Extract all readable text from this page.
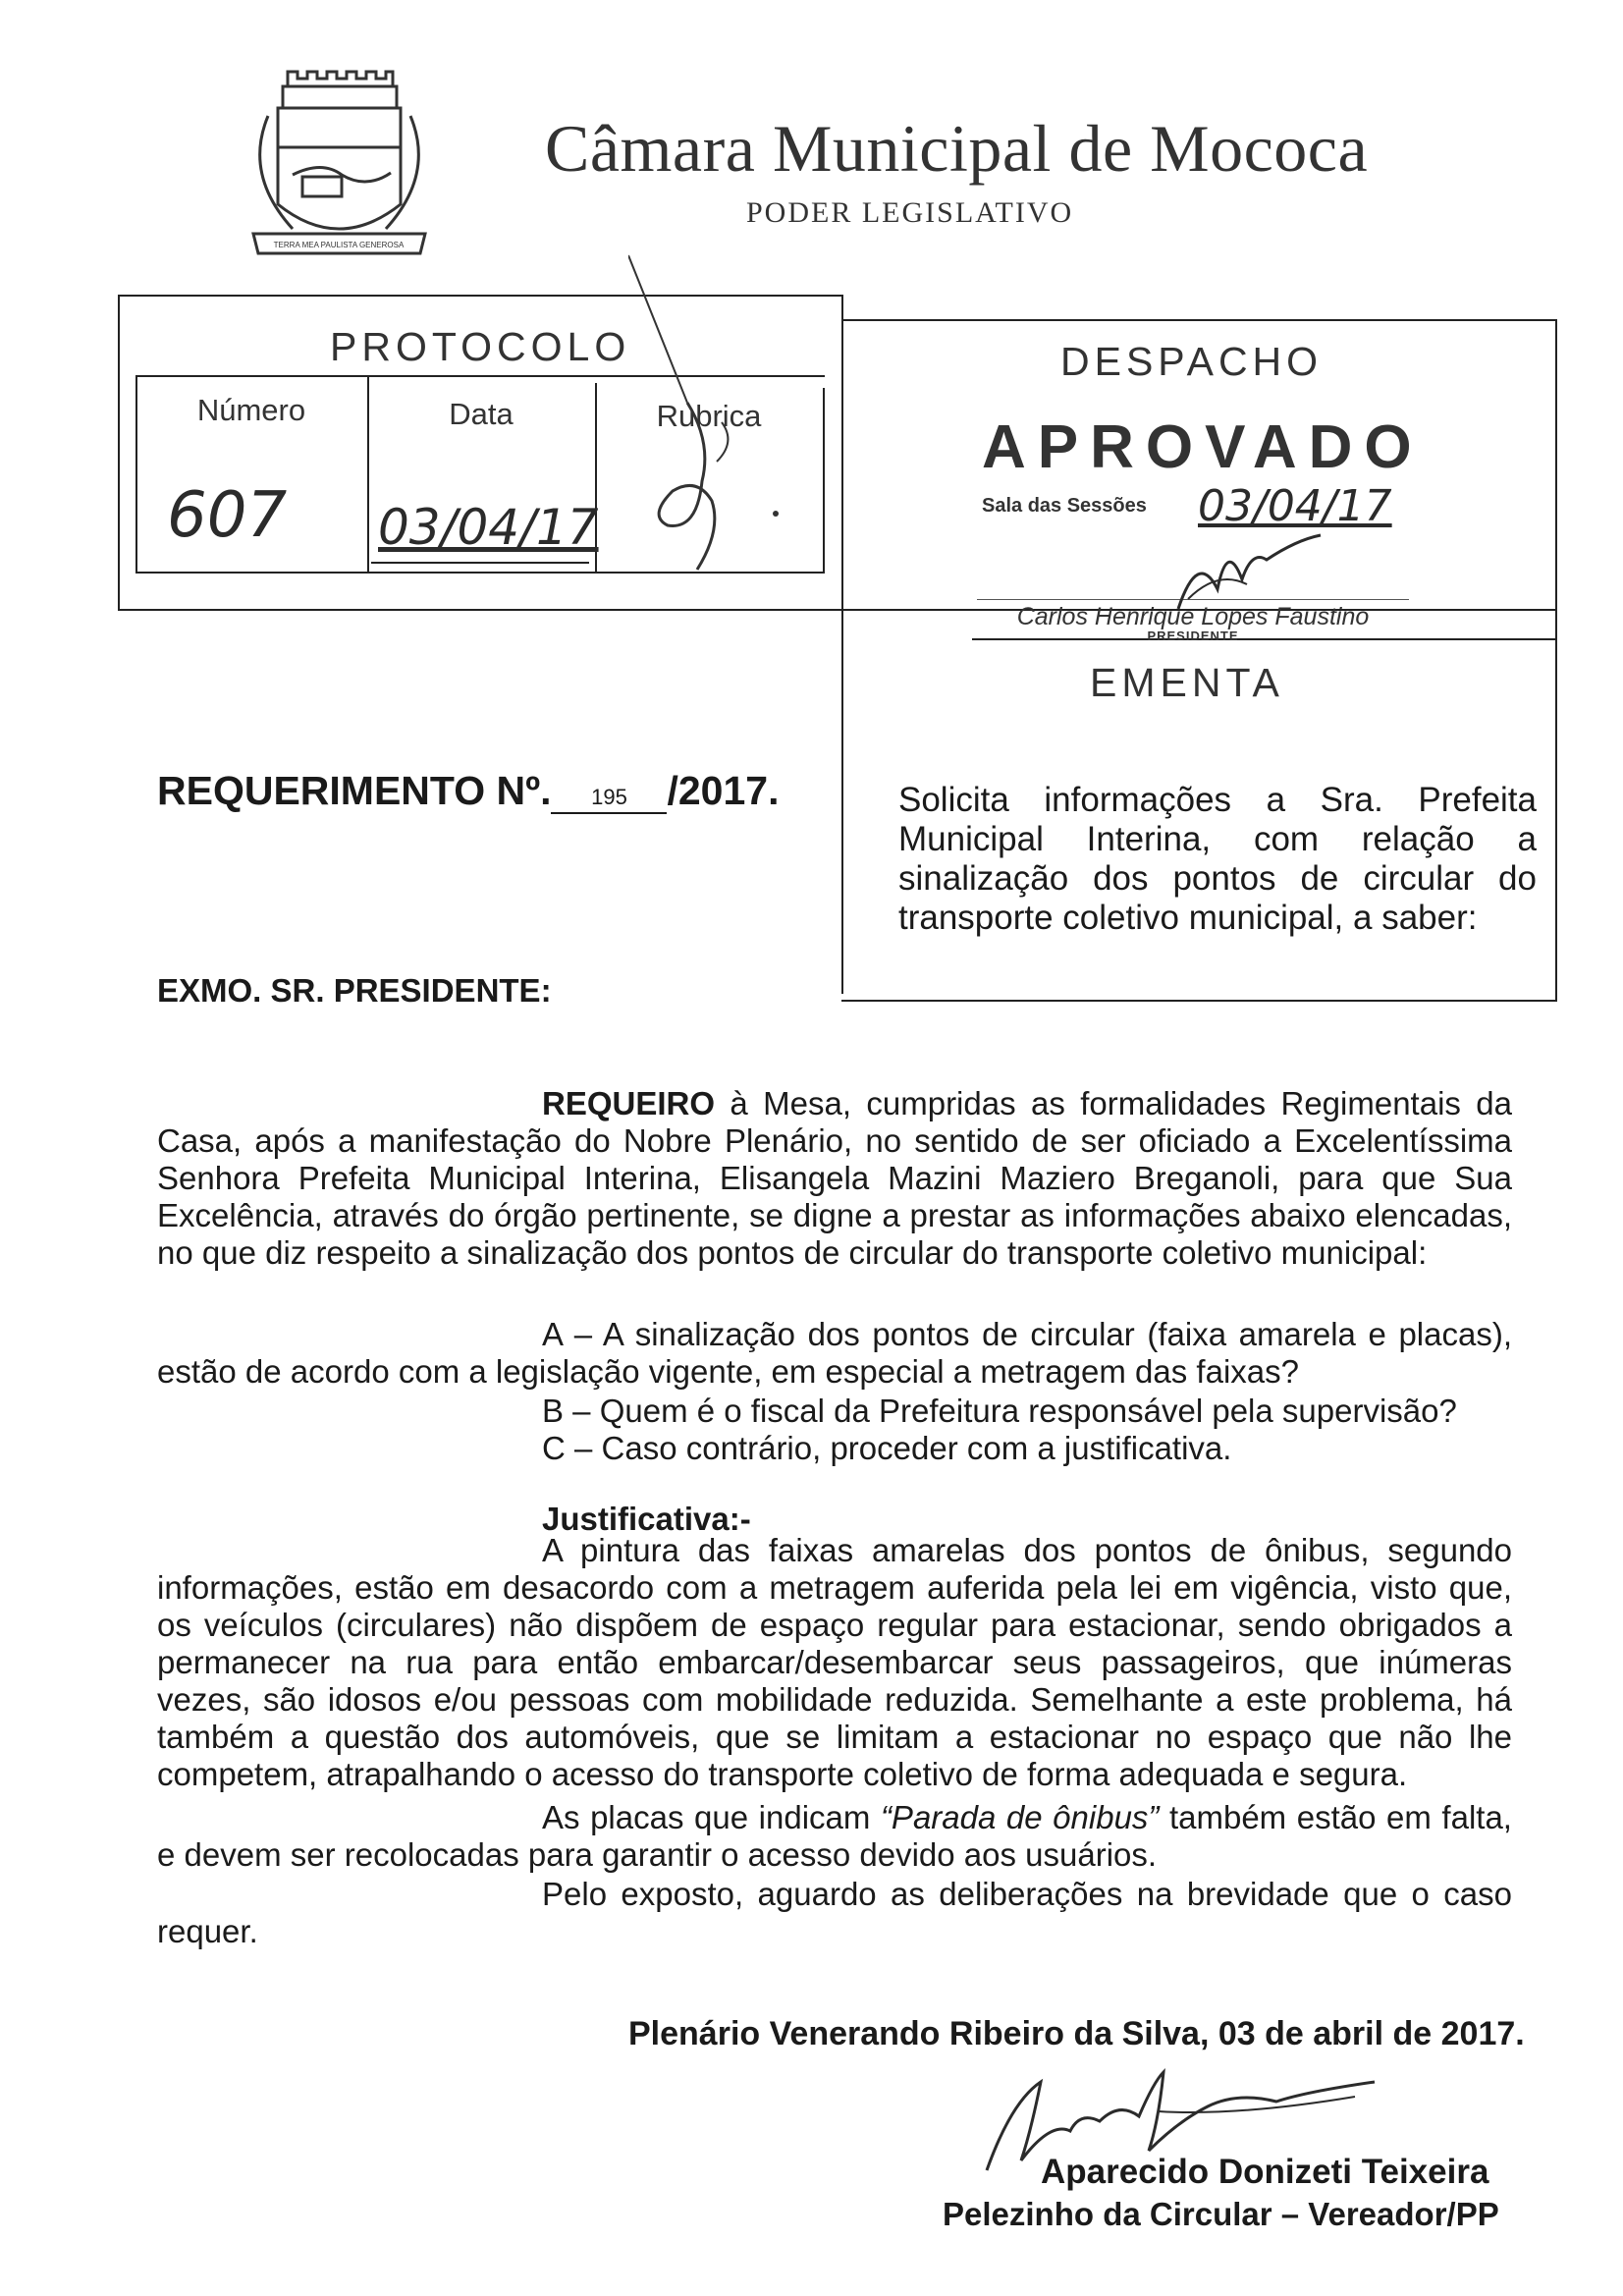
TERRA MEA PAULISTA GENEROSA
Câmara Municipal de Mococa
PODER LEGISLATIVO
PROTOCOLO
Número	Data	Rubrica
607 03/04/17
DESPACHO
APROVADO
Sala das Sessões 03/04/17
Carlos Henrique Lopes Faustino
PRESIDENTE
EMENTA
REQUERIMENTO Nº. 195 /2017.	Solicita informações a Sra. Prefeita
Municipal Interina, com relação a
sinalização dos pontos de circular do
transporte coletivo municipal, a saber:
EXMO. SR. PRESIDENTE:
REQUEIRO à Mesa, cumpridas as formalidades Regimentais da Casa, após a manifestação do Nobre Plenário, no sentido de ser oficiado a Excelentíssima Senhora Prefeita Municipal Interina, Elisangela Mazini Maziero Breganoli, para que Sua Excelência, através do órgão pertinente, se digne a prestar as informações abaixo elencadas, no que diz respeito a sinalização dos pontos de circular do transporte coletivo municipal:
A – A sinalização dos pontos de circular (faixa amarela e placas), estão de acordo com a legislação vigente, em especial a metragem das faixas?
B – Quem é o fiscal da Prefeitura responsável pela supervisão?
C – Caso contrário, proceder com a justificativa.
Justificativa:-
A pintura das faixas amarelas dos pontos de ônibus, segundo informações, estão em desacordo com a metragem auferida pela lei em vigência, visto que, os veículos (circulares) não dispõem de espaço regular para estacionar, sendo obrigados a permanecer na rua para então embarcar/desembarcar seus passageiros, que inúmeras vezes, são idosos e/ou pessoas com mobilidade reduzida. Semelhante a este problema, há também a questão dos automóveis, que se limitam a estacionar no espaço que não lhe competem, atrapalhando o acesso do transporte coletivo de forma adequada e segura.
As placas que indicam “Parada de ônibus” também estão em falta, e devem ser recolocadas para garantir o acesso devido aos usuários.
Pelo exposto, aguardo as deliberações na brevidade que o caso requer.
Plenário Venerando Ribeiro da Silva, 03 de abril de 2017.
Aparecido Donizeti Teixeira
Pelezinho da Circular – Vereador/PP
